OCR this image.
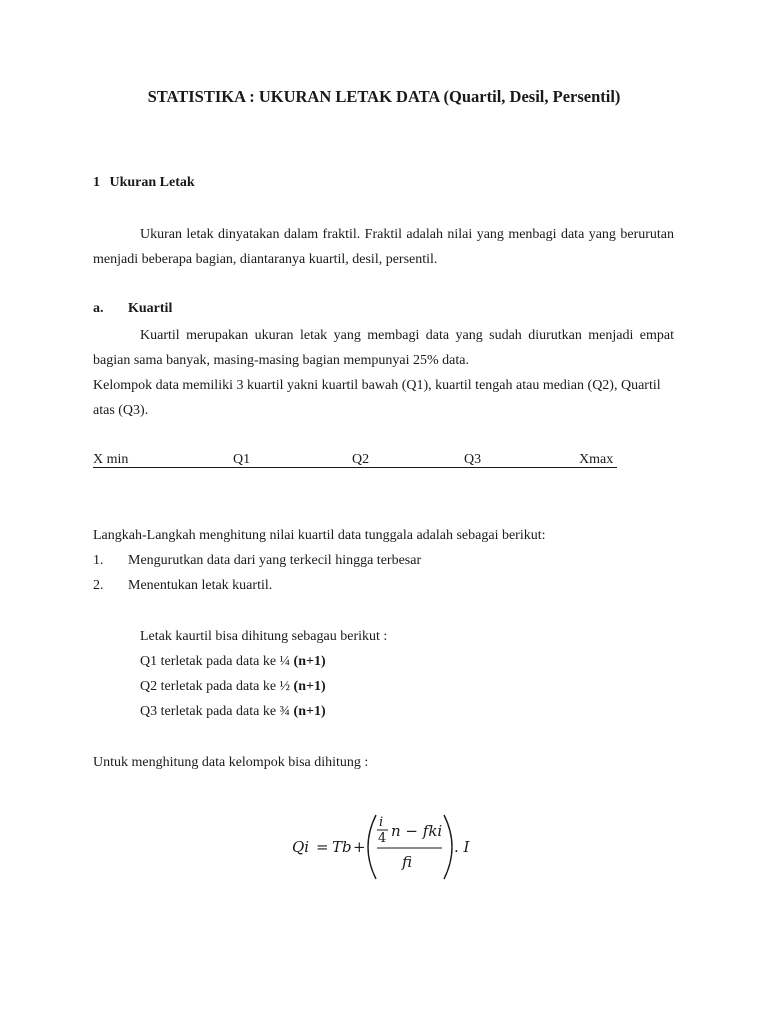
STATISTIKA : UKURAN LETAK DATA (Quartil, Desil, Persentil)
1 Ukuran Letak
Ukuran letak dinyatakan dalam fraktil. Fraktil adalah nilai yang menbagi data yang berurutan menjadi beberapa bagian, diantaranya kuartil, desil, persentil.
a. Kuartil
Kuartil merupakan ukuran letak yang membagi data yang sudah diurutkan menjadi empat bagian sama banyak, masing-masing bagian mempunyai 25% data.
Kelompok data memiliki 3 kuartil yakni kuartil bawah (Q1), kuartil tengah atau median (Q2), Quartil atas (Q3).
X min	Q1	Q2	Q3	Xmax
Langkah-Langkah menghitung nilai kuartil data tunggala adalah sebagai berikut:
1. Mengurutkan data dari yang terkecil hingga terbesar
2. Menentukan letak kuartil.
Letak kaurtil bisa dihitung sebagau berikut :
Q1 terletak pada data ke ¼ (n+1)
Q2 terletak pada data ke ½ (n+1)
Q3 terletak pada data ke ¾ (n+1)
Untuk menghitung data kelompok bisa dihitung :
Qi = Tb +
i
4 n − fki
fi
. I
